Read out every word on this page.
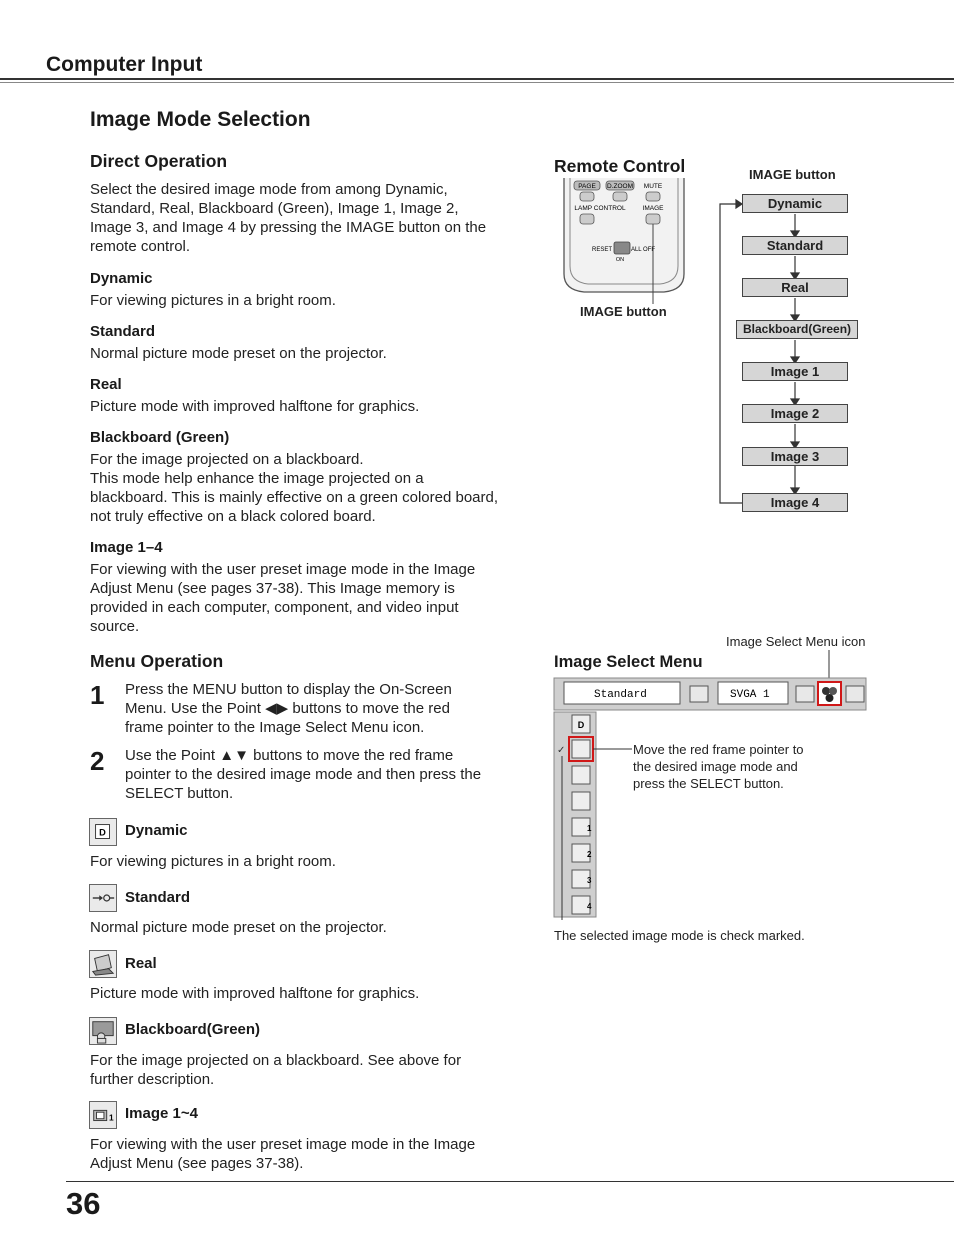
Computer Input
Image Mode Selection
Direct Operation
Select the desired image mode from among Dynamic,
Standard, Real, Blackboard (Green), Image 1, Image 2,
Image 3, and Image 4 by pressing the IMAGE button on the
remote control.
Dynamic
For viewing pictures in a bright room.
Standard
Normal picture mode preset on the projector.
Real
Picture mode with improved halftone for graphics.
Blackboard (Green)
For the image projected on a blackboard.
This mode help enhance the image projected on a
blackboard. This is mainly effective on a green colored board,
not truly effective on a black colored board.
Image 1–4
For viewing with the user preset image mode in the Image
Adjust Menu (see pages 37-38). This Image memory is
provided in each computer, component, and video input
source.
Remote Control
PAGE D.ZOOM MUTE
LAMP CONTROL	IMAGE
RESET	ALL OFF
ON
IMAGE button
IMAGE button
Dynamic
Standard
Real
Blackboard(Green)
Image 1
Image 2
Image 3
Image 4
Menu Operation
1 Press the MENU button to display the On-Screen
Menu. Use the Point ◀▶ buttons to move the red
frame pointer to the Image Select Menu icon.
2 Use the Point ▲▼ buttons to move the red frame
pointer to the desired image mode and then press the
SELECT button.
D Dynamic
For viewing pictures in a bright room.
Standard
Normal picture mode preset on the projector.
Real
Picture mode with improved halftone for graphics.
Blackboard(Green)
For the image projected on a blackboard. See above for
further description.
1 Image 1~4
For viewing with the user preset image mode in the Image
Adjust Menu (see pages 37-38).
Image Select Menu icon
Image Select Menu
Standard	SVGA 1
D
1
2
3
4
✓	Move the red frame pointer to
the desired image mode and
press the SELECT button.
The selected image mode is check marked.
36
